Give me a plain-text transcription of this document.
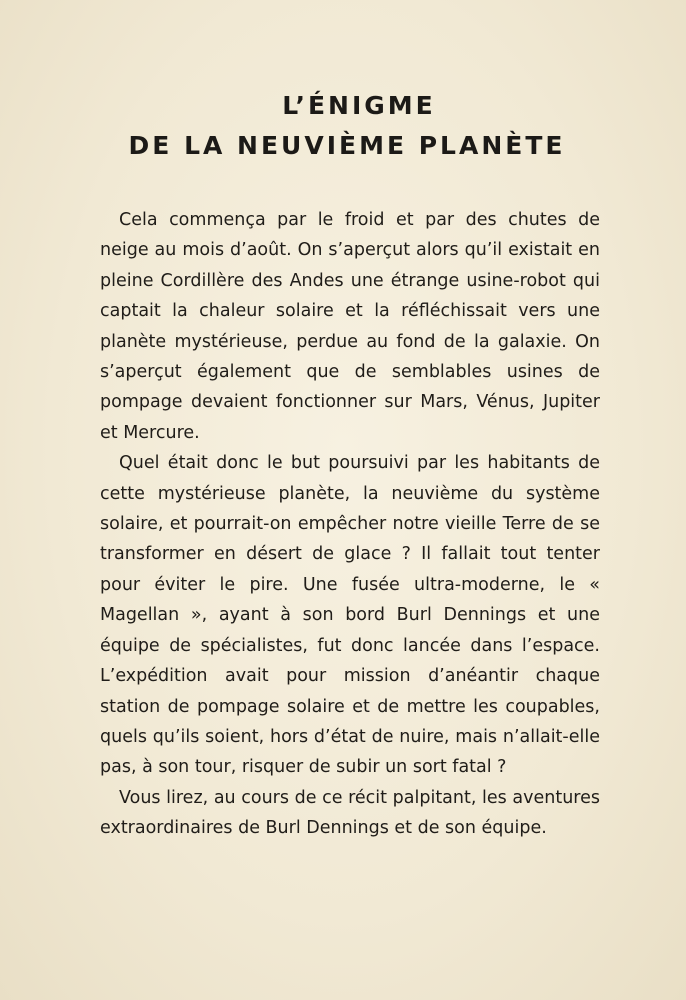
L’ÉNIGME
DE LA NEUVIÈME PLANÈTE

Cela commença par le froid et par des chutes de neige au mois d’août. On s’aperçut alors qu’il existait en pleine Cordillère des Andes une étrange usine-robot qui captait la chaleur solaire et la réfléchissait vers une planète mystérieuse, perdue au fond de la galaxie. On s’aperçut également que de semblables usines de pompage devaient fonctionner sur Mars, Vénus, Jupiter et Mercure.

Quel était donc le but poursuivi par les habitants de cette mystérieuse planète, la neuvième du système solaire, et pourrait-on empêcher notre vieille Terre de se transformer en désert de glace ? Il fallait tout tenter pour éviter le pire. Une fusée ultra-moderne, le « Magellan », ayant à son bord Burl Dennings et une équipe de spécialistes, fut donc lancée dans l’espace. L’expédition avait pour mission d’anéantir chaque station de pompage solaire et de mettre les coupables, quels qu’ils soient, hors d’état de nuire, mais n’allait-elle pas, à son tour, risquer de subir un sort fatal ?

Vous lirez, au cours de ce récit palpitant, les aventures extraordinaires de Burl Dennings et de son équipe.
